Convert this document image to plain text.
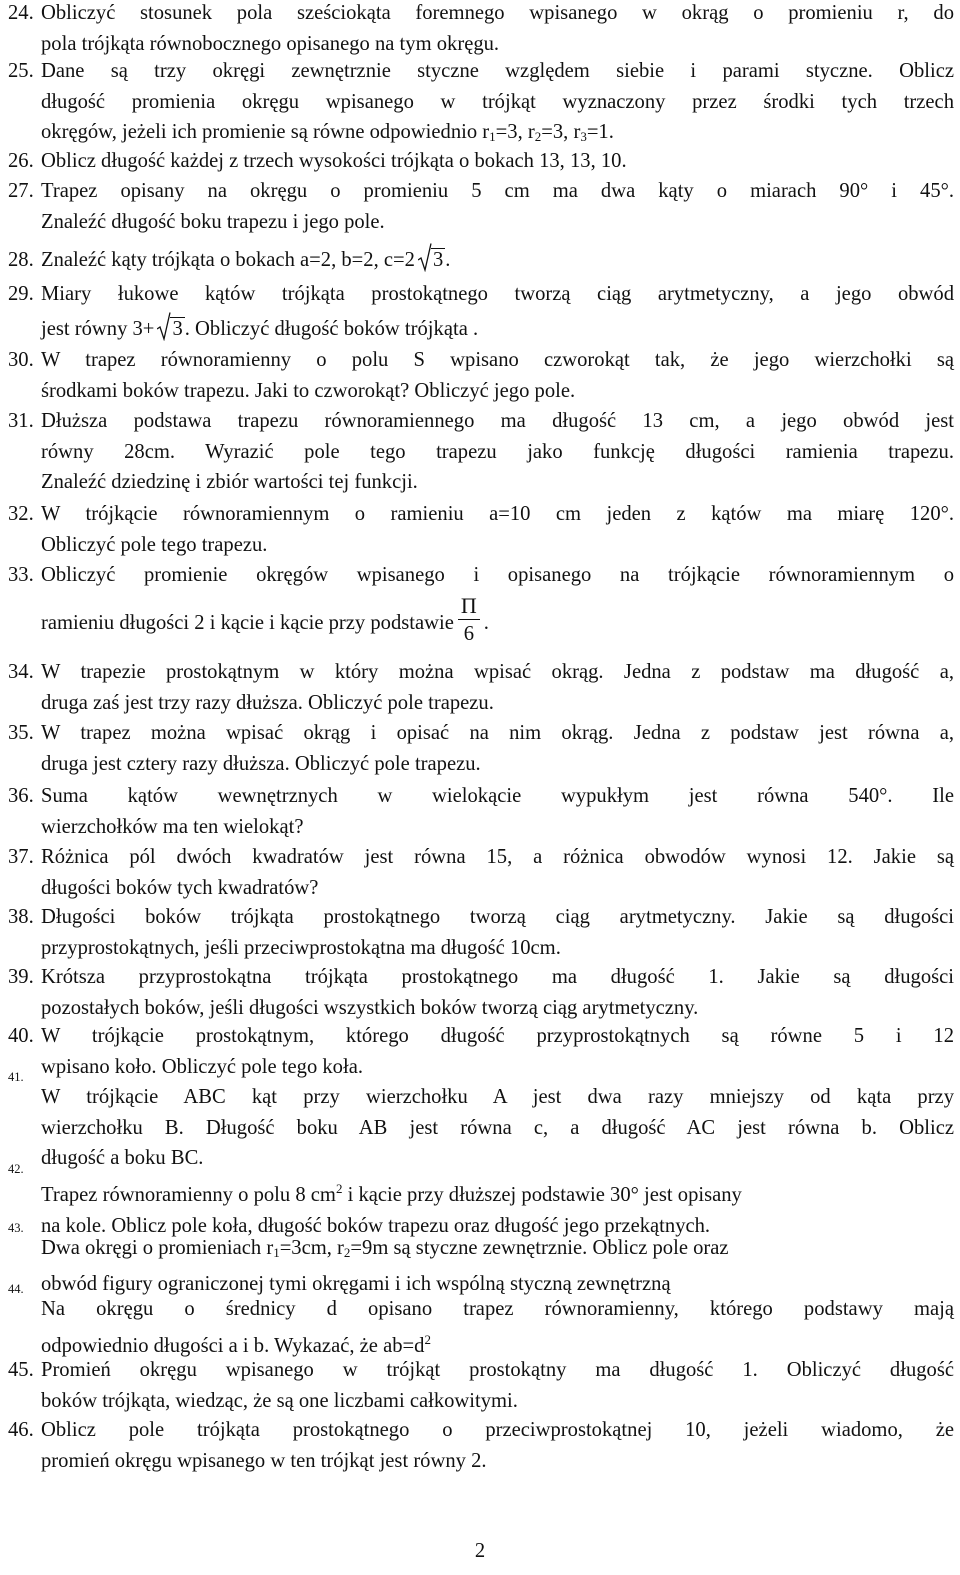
24. Obliczyć stosunek pola sześciokąta foremnego wpisanego w okrąg o promieniu r, do
pola trójkąta równobocznego opisanego na tym okręgu.
25. Dane są trzy okręgi zewnętrznie styczne względem siebie i parami styczne. Oblicz
długość promienia okręgu wpisanego w trójkąt wyznaczony przez środki tych trzech
okręgów, jeżeli ich promienie są równe odpowiednio $r_1=3$, $r_2=3$, $r_3=1$.
26. Oblicz długość każdej z trzech wysokości trójkąta o bokach 13, 13, 10.
27. Trapez opisany na okręgu o promieniu 5 cm ma dwa kąty o miarach 90° i 45°.
Znaleźć długość boku trapezu i jego pole.
28. Znaleźć kąty trójkąta o bokach a=2, b=2, c=2 3.
29. Miary łukowe kątów trójkąta prostokątnego tworzą ciąg arytmetyczny, a jego obwód
jest równy 3+ 3. Obliczyć długość boków trójkąta .
30. W trapez równoramienny o polu S wpisano czworokąt tak, że jego wierzchołki są
środkami boków trapezu. Jaki to czworokąt? Obliczyć jego pole.
31. Dłuższa podstawa trapezu równoramiennego ma długość 13 cm, a jego obwód jest
równy 28cm. Wyrazić pole tego trapezu jako funkcję długości ramienia trapezu.
Znaleźć dziedzinę i zbiór wartości tej funkcji.
32. W trójkącie równoramiennym o ramieniu a=10 cm jeden z kątów ma miarę 120°.
Obliczyć pole tego trapezu.
33. Obliczyć promienie okręgów wpisanego i opisanego na trójkącie równoramiennym o
ramieniu długości 2 i kącie i kącie przy podstawie $\frac{\Pi}{6}$ .
34. W trapezie prostokątnym w który można wpisać okrąg. Jedna z podstaw ma długość a,
druga zaś jest trzy razy dłuższa. Obliczyć pole trapezu.
35. W trapez można wpisać okrąg i opisać na nim okrąg. Jedna z podstaw jest równa a,
druga jest cztery razy dłuższa. Obliczyć pole trapezu.
36. Suma kątów wewnętrznych w wielokącie wypukłym jest równa 540°. Ile
wierzchołków ma ten wielokąt?
37. Różnica pól dwóch kwadratów jest równa 15, a różnica obwodów wynosi 12. Jakie są
długości boków tych kwadratów?
38. Długości boków trójkąta prostokątnego tworzą ciąg arytmetyczny. Jakie są długości
przyprostokątnych, jeśli przeciwprostokątna ma długość 10cm.
39. Krótsza przyprostokątna trójkąta prostokątnego ma długość 1. Jakie są długości
pozostałych boków, jeśli długości wszystkich boków tworzą ciąg arytmetyczny.
40. W trójkącie prostokątnym, którego długość przyprostokątnych są równe 5 i 12
wpisano koło. Obliczyć pole tego koła.
41.
W trójkącie ABC kąt przy wierzchołku A jest dwa razy mniejszy od kąta przy
wierzchołku B. Długość boku AB jest równa c, a długość AC jest równa b. Oblicz
długość a boku BC.
42.
Trapez równoramienny o polu 8 $cm^2$ i kącie przy dłuższej podstawie 30° jest opisany
na kole. Oblicz pole koła, długość boków trapezu oraz długość jego przekątnych.
43.
Dwa okręgi o promieniach $r_1=3cm$, $r_2=9m$ są styczne zewnętrznie. Oblicz pole oraz
obwód figury ograniczonej tymi okręgami i ich wspólną styczną zewnętrzną
44.
Na okręgu o średnicy d opisano trapez równoramienny, którego podstawy mają
odpowiednio długości a i b. Wykazać, że $ab=d^2$
45. Promień okręgu wpisanego w trójkąt prostokątny ma długość 1. Obliczyć długość
boków trójkąta, wiedząc, że są one liczbami całkowitymi.
46. Oblicz pole trójkąta prostokątnego o przeciwprostokątnej 10, jeżeli wiadomo, że
promień okręgu wpisanego w ten trójkąt jest równy 2.
2
